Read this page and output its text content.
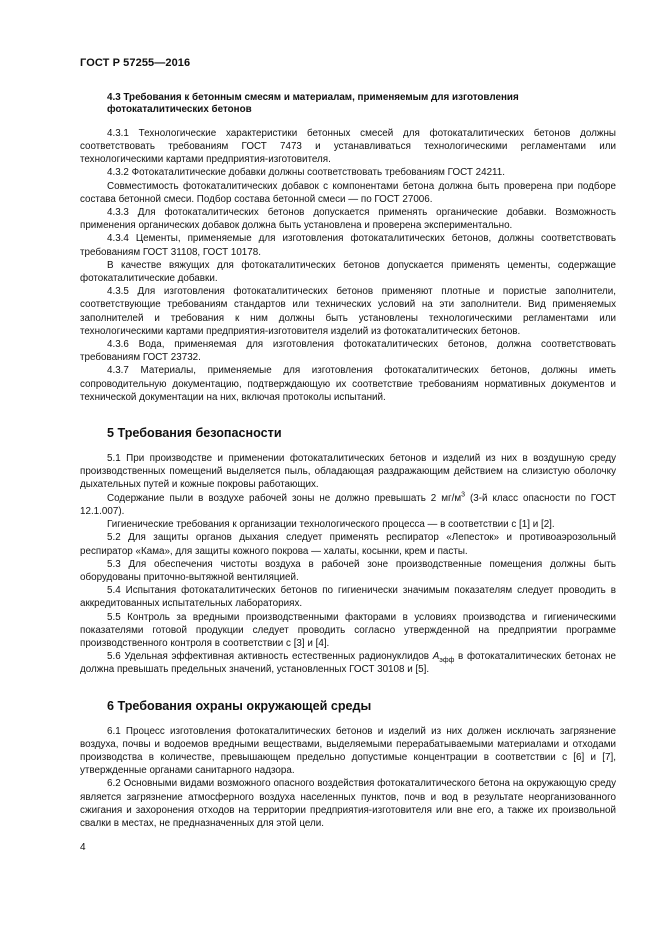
ГОСТ Р 57255—2016

4.3 Требования к бетонным смесям и материалам, применяемым для изготовления фотокаталитических бетонов

4.3.1 Технологические характеристики бетонных смесей для фотокаталитических бетонов должны соответствовать требованиям ГОСТ 7473 и устанавливаться технологическими регламентами или технологическими картами предприятия-изготовителя.

4.3.2 Фотокаталитические добавки должны соответствовать требованиям ГОСТ 24211.

Совместимость фотокаталитических добавок с компонентами бетона должна быть проверена при подборе состава бетонной смеси. Подбор состава бетонной смеси — по ГОСТ 27006.

4.3.3 Для фотокаталитических бетонов допускается применять органические добавки. Возможность применения органических добавок должна быть установлена и проверена экспериментально.

4.3.4 Цементы, применяемые для изготовления фотокаталитических бетонов, должны соответствовать требованиям ГОСТ 31108, ГОСТ 10178.

В качестве вяжущих для фотокаталитических бетонов допускается применять цементы, содержащие фотокаталитические добавки.

4.3.5 Для изготовления фотокаталитических бетонов применяют плотные и пористые заполнители, соответствующие требованиям стандартов или технических условий на эти заполнители. Вид применяемых заполнителей и требования к ним должны быть установлены технологическими регламентами или технологическими картами предприятия-изготовителя изделий из фотокаталитических бетонов.

4.3.6 Вода, применяемая для изготовления фотокаталитических бетонов, должна соответствовать требованиям ГОСТ 23732.

4.3.7 Материалы, применяемые для изготовления фотокаталитических бетонов, должны иметь сопроводительную документацию, подтверждающую их соответствие требованиям нормативных документов и технической документации на них, включая протоколы испытаний.

5 Требования безопасности

5.1 При производстве и применении фотокаталитических бетонов и изделий из них в воздушную среду производственных помещений выделяется пыль, обладающая раздражающим действием на слизистую оболочку дыхательных путей и кожные покровы работающих.

Содержание пыли в воздухе рабочей зоны не должно превышать 2 $мг/м^3$ (3-й класс опасности по ГОСТ 12.1.007).

Гигиенические требования к организации технологического процесса — в соответствии с [1] и [2].

5.2 Для защиты органов дыхания следует применять респиратор «Лепесток» и противоаэрозольный респиратор «Кама», для защиты кожного покрова — халаты, косынки, крем и пасты.

5.3 Для обеспечения чистоты воздуха в рабочей зоне производственные помещения должны быть оборудованы приточно-вытяжной вентиляцией.

5.4 Испытания фотокаталитических бетонов по гигиенически значимым показателям следует проводить в аккредитованных испытательных лабораториях.

5.5 Контроль за вредными производственными факторами в условиях производства и гигиеническими показателями готовой продукции следует проводить согласно утвержденной на предприятии программе производственного контроля в соответствии с [3] и [4].

5.6 Удельная эффективная активность естественных радионуклидов $A_{эфф}$ в фотокаталитических бетонах не должна превышать предельных значений, установленных ГОСТ 30108 и [5].

6 Требования охраны окружающей среды

6.1 Процесс изготовления фотокаталитических бетонов и изделий из них должен исключать загрязнение воздуха, почвы и водоемов вредными веществами, выделяемыми перерабатываемыми материалами и отходами производства в количестве, превышающем предельно допустимые концентрации в соответствии с [6] и [7], утвержденные органами санитарного надзора.

6.2 Основными видами возможного опасного воздействия фотокаталитического бетона на окружающую среду является загрязнение атмосферного воздуха населенных пунктов, почв и вод в результате неорганизованного сжигания и захоронения отходов на территории предприятия-изготовителя или вне его, а также их произвольной свалки в местах, не предназначенных для этой цели.

4
